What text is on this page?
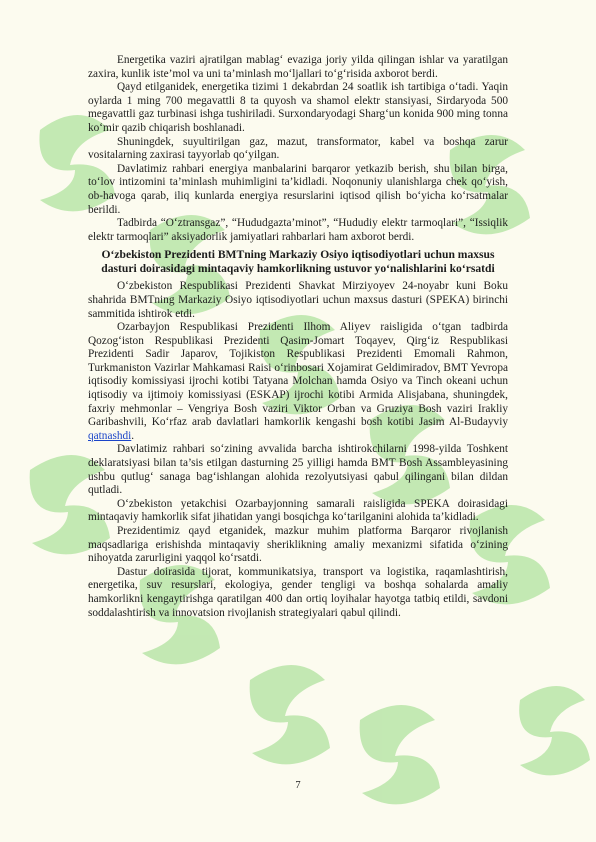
Energetika vaziri ajratilgan mablag‘ evaziga joriy yilda qilingan ishlar va yaratilgan zaxira, kunlik iste’mol va uni ta’minlash mo‘ljallari to‘g‘risida axborot berdi.

Qayd etilganidek, energetika tizimi 1 dekabrdan 24 soatlik ish tartibiga o‘tadi. Yaqin oylarda 1 ming 700 megavattli 8 ta quyosh va shamol elektr stansiyasi, Sirdaryoda 500 megavattli gaz turbinasi ishga tushiriladi. Surxondaryodagi Sharg‘un konida 900 ming tonna ko‘mir qazib chiqarish boshlanadi.

Shuningdek, suyultirilgan gaz, mazut, transformator, kabel va boshqa zarur vositalarning zaxirasi tayyorlab qo‘yilgan.

Davlatimiz rahbari energiya manbalarini barqaror yetkazib berish, shu bilan birga, to‘lov intizomini ta’minlash muhimligini ta’kidladi. Noqonuniy ulanishlarga chek qo‘yish, ob-havoga qarab, iliq kunlarda energiya resurslarini iqtisod qilish bo‘yicha ko‘rsatmalar berildi.

Tadbirda “O‘ztransgaz”, “Hududgazta’minot”, “Hududiy elektr tarmoqlari”, “Issiqlik elektr tarmoqlari” aksiyadorlik jamiyatlari rahbarlari ham axborot berdi.

O‘zbekiston Prezidenti BMTning Markaziy Osiyo iqtisodiyotlari uchun maxsus dasturi doirasidagi mintaqaviy hamkorlikning ustuvor yo‘nalishlarini ko‘rsatdi

O‘zbekiston Respublikasi Prezidenti Shavkat Mirziyoyev 24-noyabr kuni Boku shahrida BMTning Markaziy Osiyo iqtisodiyotlari uchun maxsus dasturi (SPEKA) birinchi sammitida ishtirok etdi.

Ozarbayjon Respublikasi Prezidenti Ilhom Aliyev raisligida o‘tgan tadbirda Qozog‘iston Respublikasi Prezidenti Qasim-Jomart Toqayev, Qirg‘iz Respublikasi Prezidenti Sadir Japarov, Tojikiston Respublikasi Prezidenti Emomali Rahmon, Turkmaniston Vazirlar Mahkamasi Raisi o‘rinbosari Xojamirat Geldimiradov, BMT Yevropa iqtisodiy komissiyasi ijrochi kotibi Tatyana Molchan hamda Osiyo va Tinch okeani uchun iqtisodiy va ijtimoiy komissiyasi (ESKAP) ijrochi kotibi Armida Alisjabana, shuningdek, faxriy mehmonlar – Vengriya Bosh vaziri Viktor Orban va Gruziya Bosh vaziri Irakliy Garibashvili, Ko‘rfaz arab davlatlari hamkorlik kengashi bosh kotibi Jasim Al-Budayviy qatnashdi.

Davlatimiz rahbari so‘zining avvalida barcha ishtirokchilarni 1998-yilda Toshkent deklaratsiyasi bilan ta’sis etilgan dasturning 25 yilligi hamda BMT Bosh Assambleyasining ushbu qutlug‘ sanaga bag‘ishlangan alohida rezolyutsiyasi qabul qilingani bilan dildan qutladi.

O‘zbekiston yetakchisi Ozarbayjonning samarali raisligida SPEKA doirasidagi mintaqaviy hamkorlik sifat jihatidan yangi bosqichga ko‘tarilganini alohida ta’kidladi.

Prezidentimiz qayd etganidek, mazkur muhim platforma Barqaror rivojlanish maqsadlariga erishishda mintaqaviy sheriklikning amaliy mexanizmi sifatida o‘zining nihoyatda zarurligini yaqqol ko‘rsatdi.

Dastur doirasida tijorat, kommunikatsiya, transport va logistika, raqamlashtirish, energetika, suv resurslari, ekologiya, gender tengligi va boshqa sohalarda amaliy hamkorlikni kengaytirishga qaratilgan 400 dan ortiq loyihalar hayotga tatbiq etildi, savdoni soddalashtirish va innovatsion rivojlanish strategiyalari qabul qilindi.

7
